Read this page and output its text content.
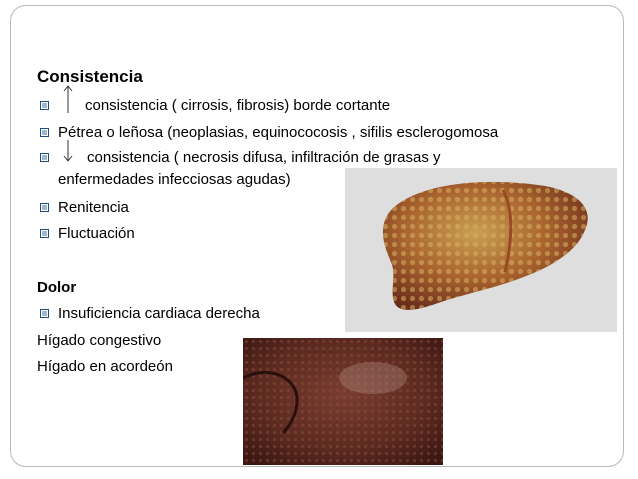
Consistencia
consistencia ( cirrosis, fibrosis) borde cortante
Pétrea o leñosa (neoplasias, equinococosis , sifilis esclerogomosa
consistencia ( necrosis difusa, infiltración de grasas y
enfermedades infecciosas agudas)
Renitencia
Fluctuación
Dolor
Insuficiencia cardiaca derecha
Hígado congestivo
Hígado en acordeón
